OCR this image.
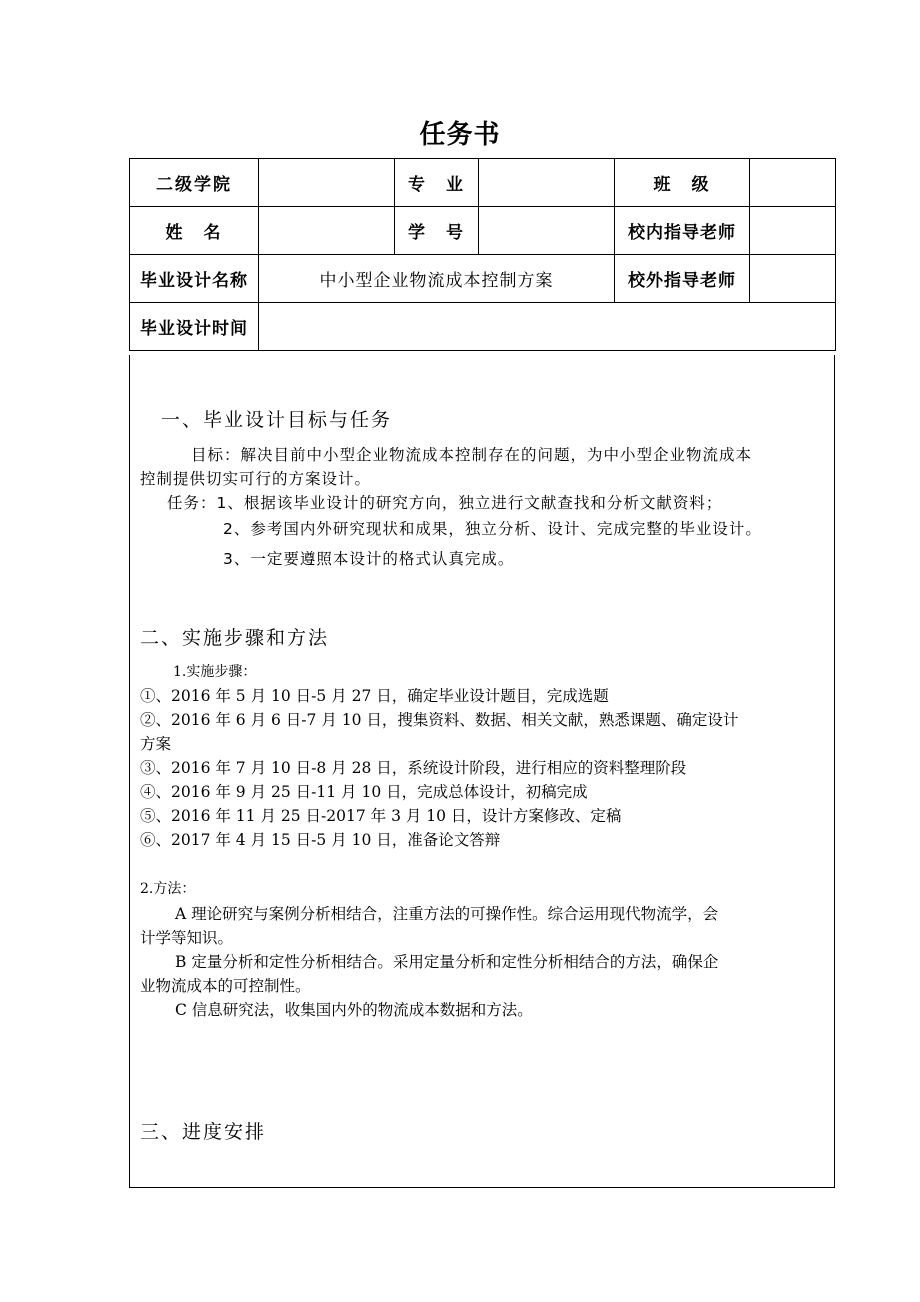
任务书
二级学院		专　业		班　级	
姓　名		学　号		校内指导老师	
毕业设计名称	中小型企业物流成本控制方案			校外指导老师	
毕业设计时间					
一、毕业设计目标与任务
目标：解决目前中小型企业物流成本控制存在的问题，为中小型企业物流成本
控制提供切实可行的方案设计。
任务：1、根据该毕业设计的研究方向，独立进行文献查找和分析文献资料；
2、参考国内外研究现状和成果，独立分析、设计、完成完整的毕业设计。
3、一定要遵照本设计的格式认真完成。
二、实施步骤和方法
1.实施步骤：
①、2016 年 5 月 10 日-5 月 27 日，确定毕业设计题目，完成选题
②、2016 年 6 月 6 日-7 月 10 日，搜集资料、数据、相关文献，熟悉课题、确定设计
方案
③、2016 年 7 月 10 日-8 月 28 日，系统设计阶段，进行相应的资料整理阶段
④、2016 年 9 月 25 日-11 月 10 日，完成总体设计，初稿完成
⑤、2016 年 11 月 25 日-2017 年 3 月 10 日，设计方案修改、定稿
⑥、2017 年 4 月 15 日-5 月 10 日，准备论文答辩
2.方法：
A 理论研究与案例分析相结合，注重方法的可操作性。综合运用现代物流学，会
计学等知识。
B 定量分析和定性分析相结合。采用定量分析和定性分析相结合的方法，确保企
业物流成本的可控制性。
C 信息研究法，收集国内外的物流成本数据和方法。
三、进度安排
